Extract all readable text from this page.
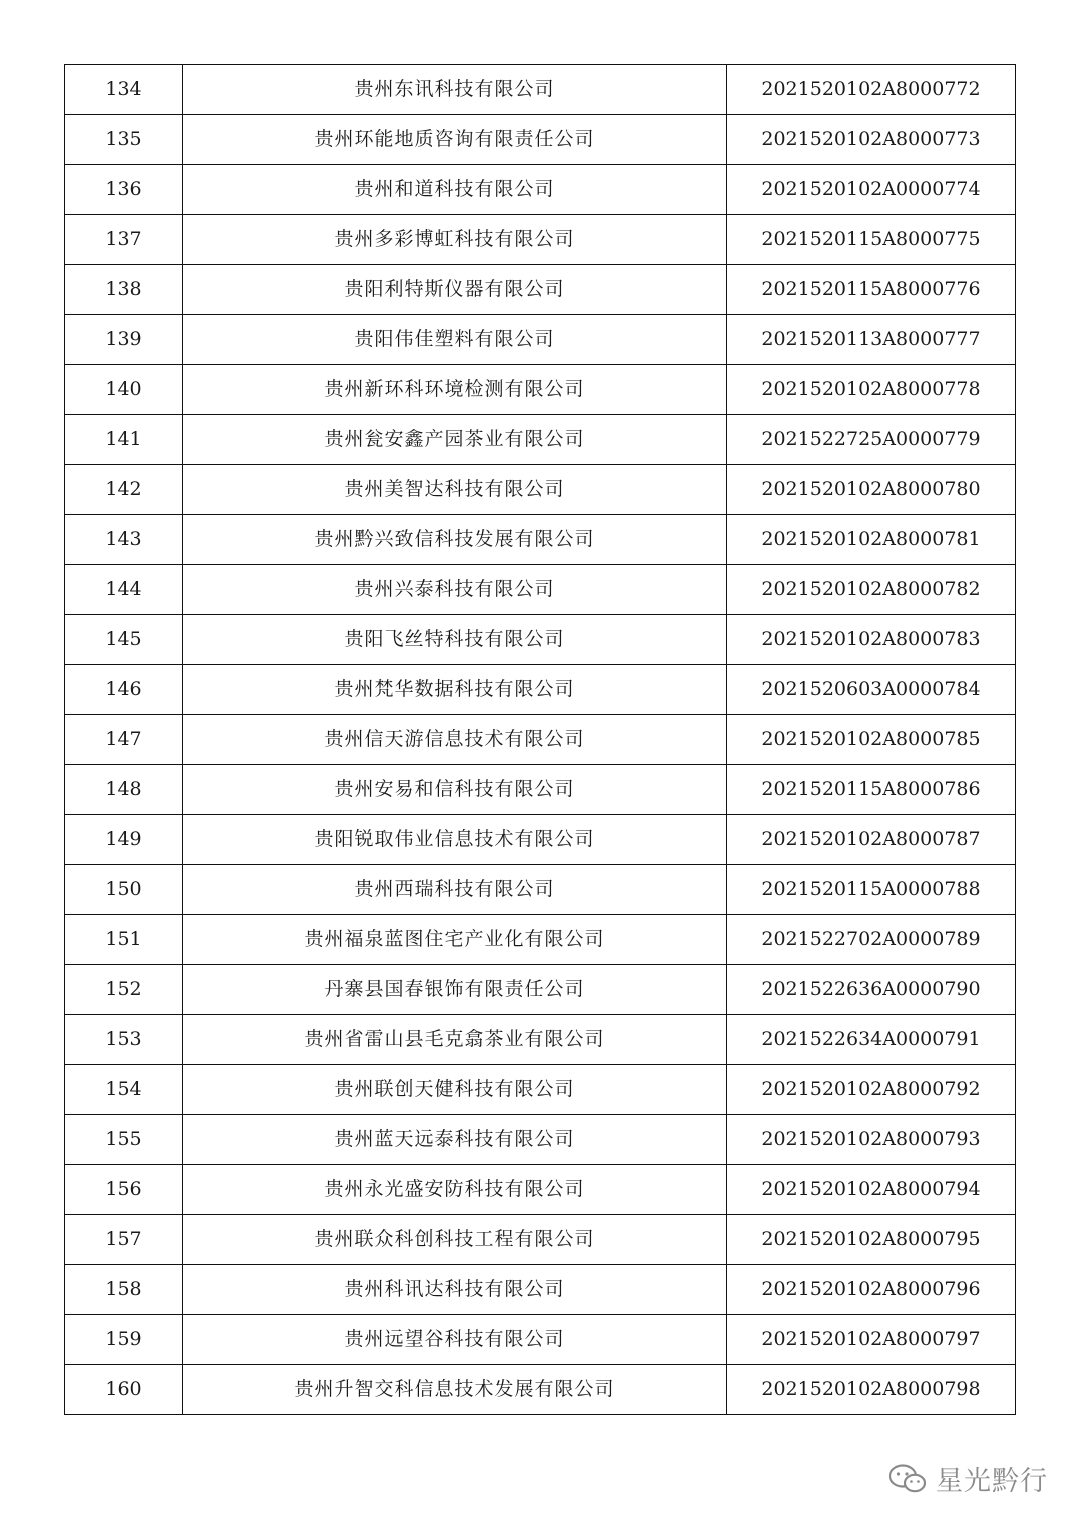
134	贵州东讯科技有限公司	2021520102A8000772
135	贵州环能地质咨询有限责任公司	2021520102A8000773
136	贵州和道科技有限公司	2021520102A0000774
137	贵州多彩博虹科技有限公司	2021520115A8000775
138	贵阳利特斯仪器有限公司	2021520115A8000776
139	贵阳伟佳塑料有限公司	2021520113A8000777
140	贵州新环科环境检测有限公司	2021520102A8000778
141	贵州瓮安鑫产园茶业有限公司	2021522725A0000779
142	贵州美智达科技有限公司	2021520102A8000780
143	贵州黔兴致信科技发展有限公司	2021520102A8000781
144	贵州兴泰科技有限公司	2021520102A8000782
145	贵阳飞丝特科技有限公司	2021520102A8000783
146	贵州梵华数据科技有限公司	2021520603A0000784
147	贵州信天游信息技术有限公司	2021520102A8000785
148	贵州安易和信科技有限公司	2021520115A8000786
149	贵阳锐取伟业信息技术有限公司	2021520102A8000787
150	贵州西瑞科技有限公司	2021520115A0000788
151	贵州福泉蓝图住宅产业化有限公司	2021522702A0000789
152	丹寨县国春银饰有限责任公司	2021522636A0000790
153	贵州省雷山县毛克翕茶业有限公司	2021522634A0000791
154	贵州联创天健科技有限公司	2021520102A8000792
155	贵州蓝天远泰科技有限公司	2021520102A8000793
156	贵州永光盛安防科技有限公司	2021520102A8000794
157	贵州联众科创科技工程有限公司	2021520102A8000795
158	贵州科讯达科技有限公司	2021520102A8000796
159	贵州远望谷科技有限公司	2021520102A8000797
160	贵州升智交科信息技术发展有限公司	2021520102A8000798
星光黔行
